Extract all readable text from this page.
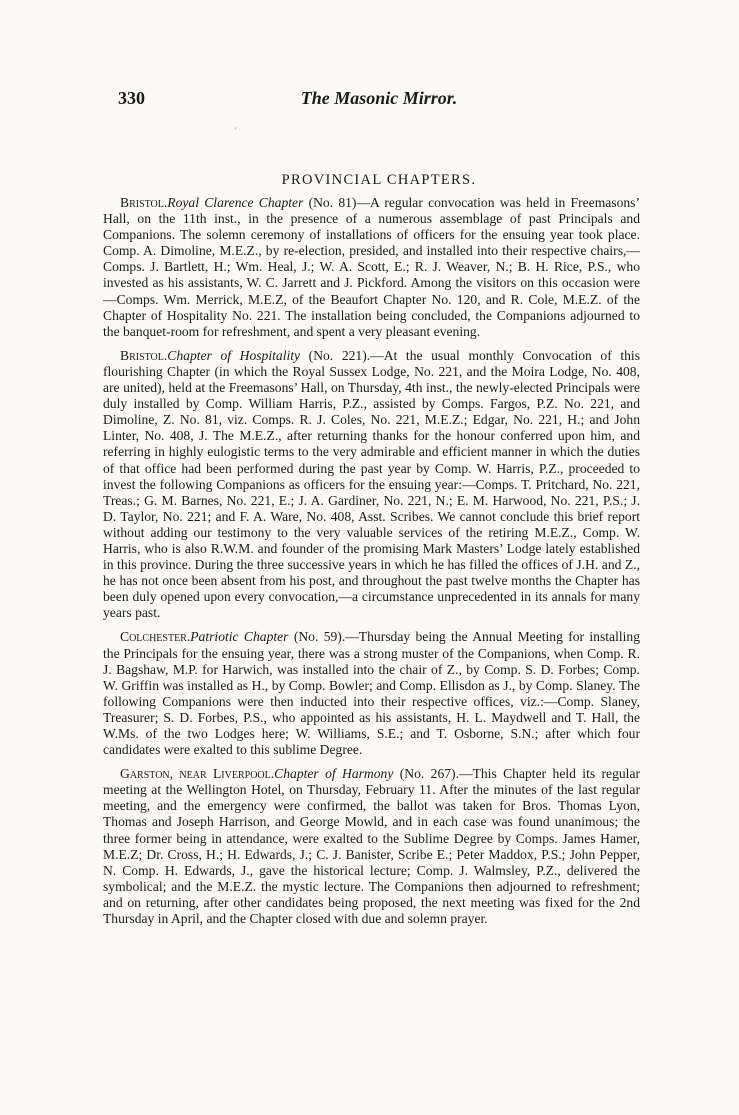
330	The Masonic Mirror.
ʿ
PROVINCIAL CHAPTERS.

Bristol.Royal Clarence Chapter (No. 81)—A regular convocation was held in Freemasons’ Hall, on the 11th inst., in the presence of a numerous assemblage of past Principals and Companions. The solemn ceremony of installations of officers for the ensuing year took place. Comp. A. Dimoline, M.E.Z., by re-election, presided, and installed into their respective chairs,—Comps. J. Bartlett, H.; Wm. Heal, J.; W. A. Scott, E.; R. J. Weaver, N.; B. H. Rice, P.S., who invested as his assistants, W. C. Jarrett and J. Pickford. Among the visitors on this occasion were—Comps. Wm. Merrick, M.E.Z, of the Beaufort Chapter No. 120, and R. Cole, M.E.Z. of the Chapter of Hospitality No. 221. The installation being concluded, the Companions adjourned to the banquet-room for refreshment, and spent a very pleasant evening.

Bristol.Chapter of Hospitality (No. 221).—At the usual monthly Convocation of this flourishing Chapter (in which the Royal Sussex Lodge, No. 221, and the Moira Lodge, No. 408, are united), held at the Freemasons’ Hall, on Thursday, 4th inst., the newly-elected Principals were duly installed by Comp. William Harris, P.Z., assisted by Comps. Fargos, P.Z. No. 221, and Dimoline, Z. No. 81, viz. Comps. R. J. Coles, No. 221, M.E.Z.; Edgar, No. 221, H.; and John Linter, No. 408, J. The M.E.Z., after returning thanks for the honour conferred upon him, and referring in highly eulogistic terms to the very admirable and efficient manner in which the duties of that office had been performed during the past year by Comp. W. Harris, P.Z., proceeded to invest the following Companions as officers for the ensuing year:—Comps. T. Pritchard, No. 221, Treas.; G. M. Barnes, No. 221, E.; J. A. Gardiner, No. 221, N.; E. M. Harwood, No. 221, P.S.; J. D. Taylor, No. 221; and F. A. Ware, No. 408, Asst. Scribes. We cannot conclude this brief report without adding our testimony to the very valuable services of the retiring M.E.Z., Comp. W. Harris, who is also R.W.M. and founder of the promising Mark Masters’ Lodge lately established in this province. During the three successive years in which he has filled the offices of J.H. and Z., he has not once been absent from his post, and throughout the past twelve months the Chapter has been duly opened upon every convocation,—a circumstance unprecedented in its annals for many years past.

Colchester.Patriotic Chapter (No. 59).—Thursday being the Annual Meeting for installing the Principals for the ensuing year, there was a strong muster of the Companions, when Comp. R. J. Bagshaw, M.P. for Harwich, was installed into the chair of Z., by Comp. S. D. Forbes; Comp. W. Griffin was installed as H., by Comp. Bowler; and Comp. Ellisdon as J., by Comp. Slaney. The following Companions were then inducted into their respective offices, viz.:—Comp. Slaney, Treasurer; S. D. Forbes, P.S., who appointed as his assistants, H. L. Maydwell and T. Hall, the W.Ms. of the two Lodges here; W. Williams, S.E.; and T. Osborne, S.N.; after which four candidates were exalted to this sublime Degree.

Garston, near Liverpool.Chapter of Harmony (No. 267).—This Chapter held its regular meeting at the Wellington Hotel, on Thursday, February 11. After the minutes of the last regular meeting, and the emergency were confirmed, the ballot was taken for Bros. Thomas Lyon, Thomas and Joseph Harrison, and George Mowld, and in each case was found unanimous; the three former being in attendance, were exalted to the Sublime Degree by Comps. James Hamer, M.E.Z; Dr. Cross, H.; H. Edwards, J.; C. J. Banister, Scribe E.; Peter Maddox, P.S.; John Pepper, N. Comp. H. Edwards, J., gave the historical lecture; Comp. J. Walmsley, P.Z., delivered the symbolical; and the M.E.Z. the mystic lecture. The Companions then adjourned to refreshment; and on returning, after other candidates being proposed, the next meeting was fixed for the 2nd Thursday in April, and the Chapter closed with due and solemn prayer.
